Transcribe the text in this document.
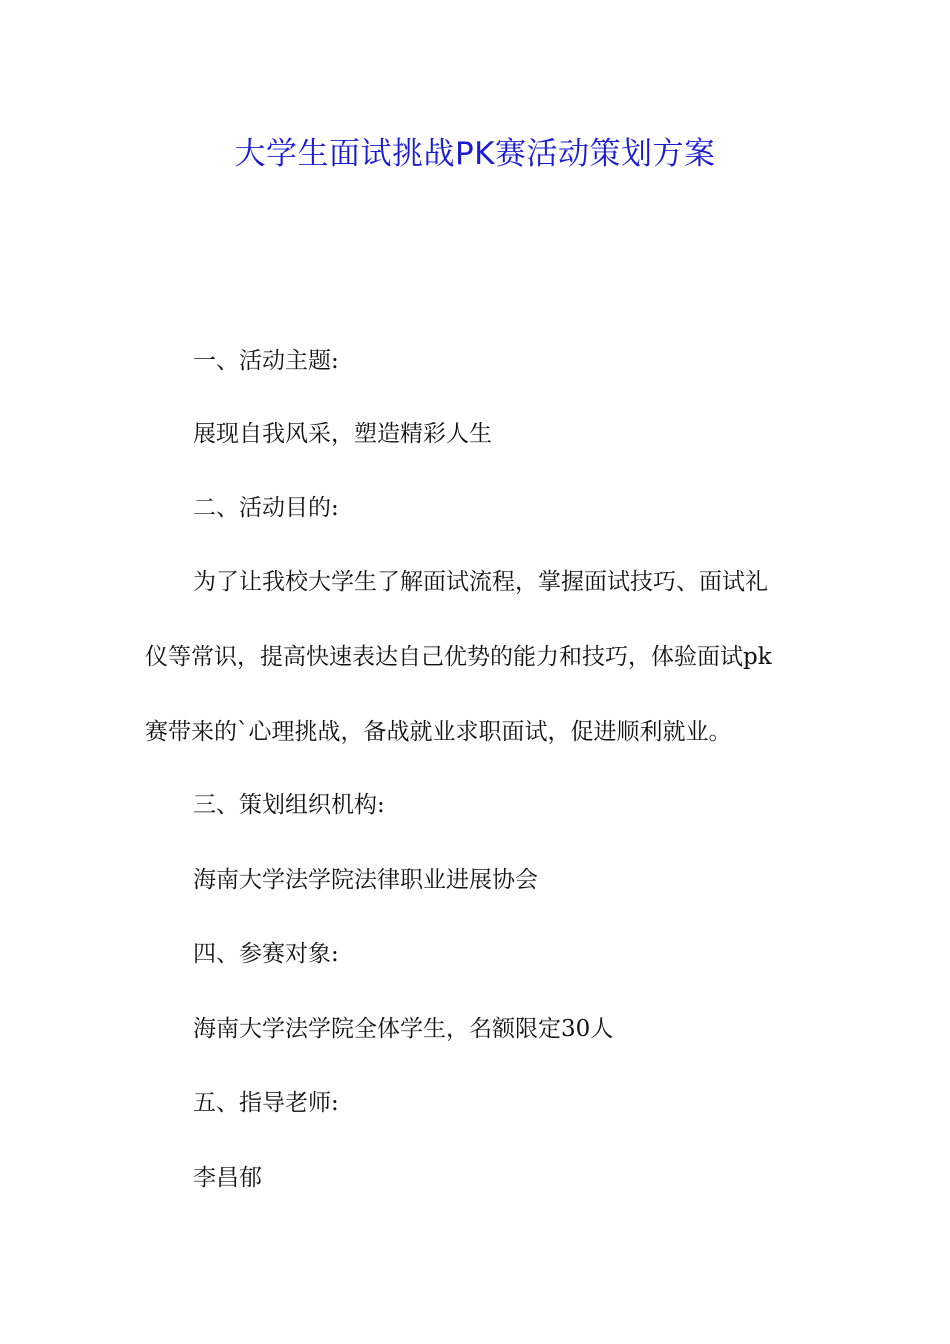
大学生面试挑战PK赛活动策划方案

一、活动主题:

展现自我风采，塑造精彩人生

二、活动目的:

为了让我校大学生了解面试流程，掌握面试技巧、面试礼
仪等常识，提高快速表达自己优势的能力和技巧，体验面试pk
赛带来的`心理挑战，备战就业求职面试，促进顺利就业。

三、策划组织机构:

海南大学法学院法律职业进展协会

四、参赛对象:

海南大学法学院全体学生，名额限定30人

五、指导老师:

李昌郁
